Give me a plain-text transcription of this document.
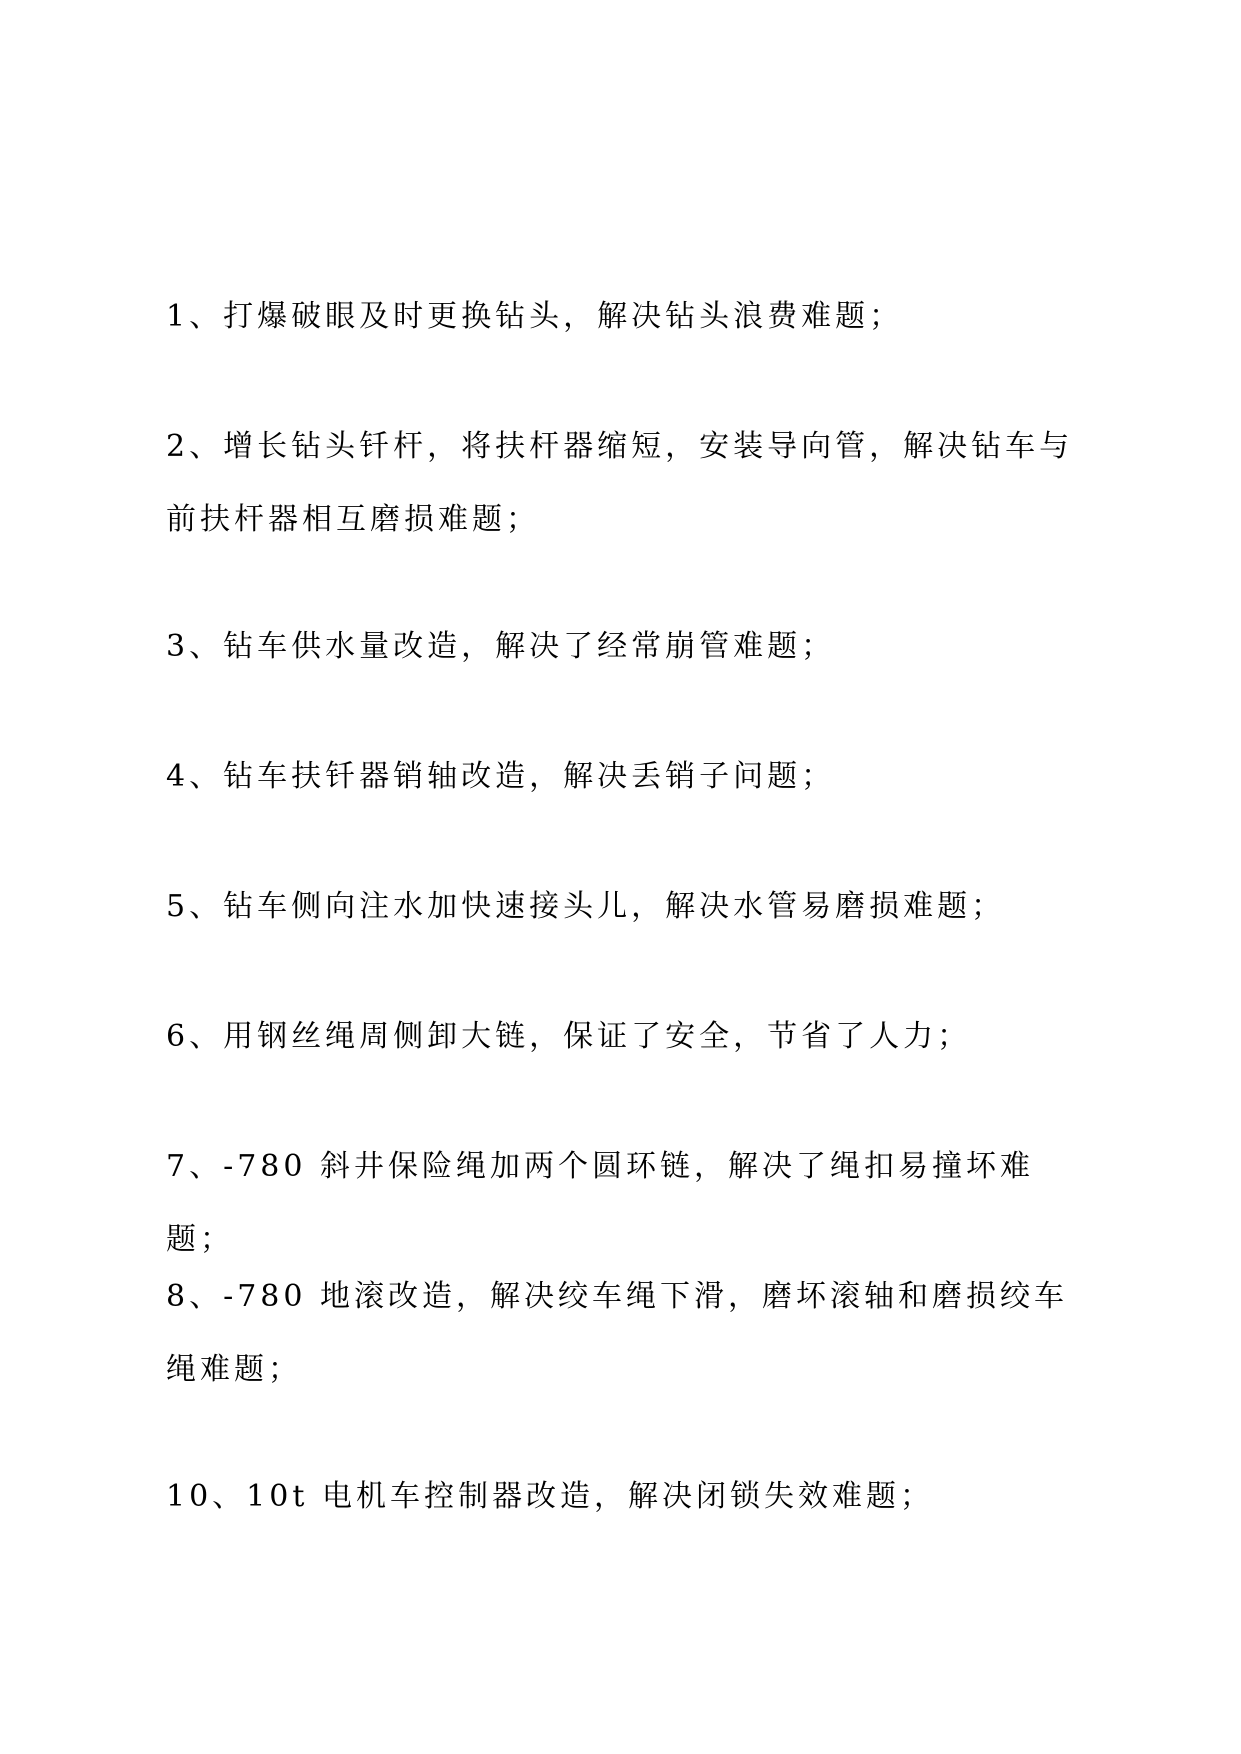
1、打爆破眼及时更换钻头，解决钻头浪费难题；

2、增长钻头钎杆，将扶杆器缩短，安装导向管，解决钻车与前扶杆器相互磨损难题；

3、钻车供水量改造，解决了经常崩管难题；

4、钻车扶钎器销轴改造，解决丢销子问题；

5、钻车侧向注水加快速接头儿，解决水管易磨损难题；

6、用钢丝绳周侧卸大链，保证了安全，节省了人力；

7、-780 斜井保险绳加两个圆环链，解决了绳扣易撞坏难题；

8、-780 地滚改造，解决绞车绳下滑，磨坏滚轴和磨损绞车绳难题；

10、10t 电机车控制器改造，解决闭锁失效难题；
